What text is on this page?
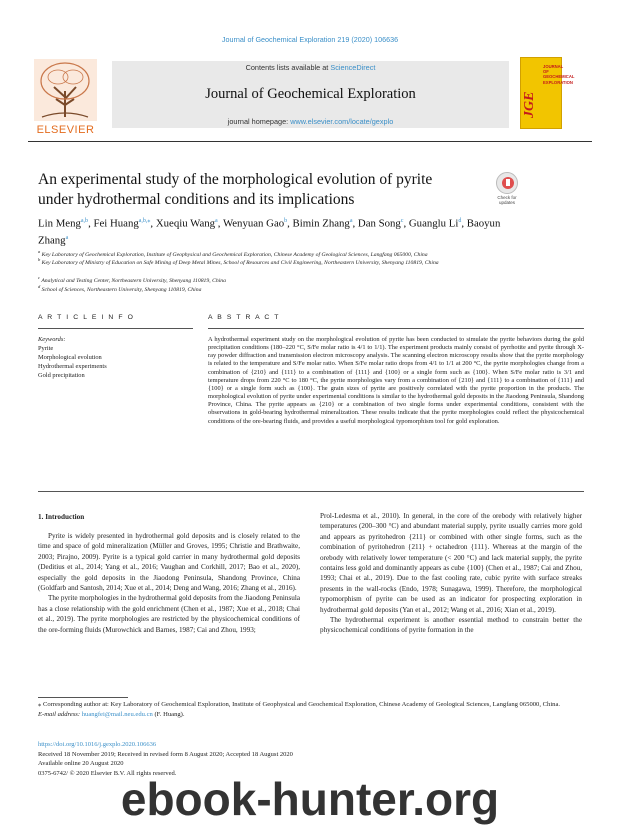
Journal of Geochemical Exploration 219 (2020) 106636
Contents lists available at ScienceDirect
Journal of Geochemical Exploration
journal homepage: www.elsevier.com/locate/gexplo
ELSEVIER
JGE
JOURNAL OF GEOCHEMICAL EXPLORATION
An experimental study of the morphological evolution of pyrite under hydrothermal conditions and its implications	Check for updates
Lin Meng$^{a,b}$, Fei Huang$^{a,b,⁎}$, Xueqiu Wang$^a$, Wenyuan Gao$^b$, Bimin Zhang$^a$, Dan Song$^c$, Guanglu Li$^d$, Baoyun Zhang$^a$
$^a$ Key Laboratory of Geochemical Exploration, Institute of Geophysical and Geochemical Exploration, Chinese Academy of Geological Sciences, Langfang 065000, China
$^b$ Key Laboratory of Ministry of Education on Safe Mining of Deep Metal Mines, School of Resources and Civil Engineering, Northeastern University, Shenyang 110819, China
$^c$ Analytical and Testing Center, Northeastern University, Shenyang 110819, China
$^d$ School of Sciences, Northeastern University, Shenyang 110819, China
A R T I C L E I N F O	A B S T R A C T
Keywords:
Pyrite
Morphological evolution
Hydrothermal experiments
Gold precipitation
A hydrothermal experiment study on the morphological evolution of pyrite has been conducted to simulate the pyrite behaviors during the gold precipitation conditions (180–220 °C, S/Fe molar ratio is 4/1 to 1/1). The experiment products mainly consist of pyrrhotite and pyrite through X-ray powder diffraction and transmission electron microscopy analysis. The scanning electron microscopy results show that the pyrite morphology is related to the temperature and S/Fe molar ratio. When S/Fe molar ratio drops from 4/1 to 1/1 at 200 °C, the pyrite morphologies change from a combination of {210} and {111} to a combination of {111} and {100} or a single form such as {100}. When S/Fe molar ratio is 3/1 and temperature drops from 220 °C to 180 °C, the pyrite morphologies vary from a combination of {210} and {111} to a combination of {111} and {100} or a single form such as {100}. The grain sizes of pyrite are positively correlated with the pyrite proportion in the products. The morphological evolution of pyrite under experimental conditions is similar to the hydrothermal gold deposits in the Jiaodong Peninsula, Shandong Province, China. The pyrite appears as {210} or a combination of two single forms under experimental conditions, consistent with the observations in gold-bearing hydrothermal mineralization. These results indicate that the pyrite morphologies could reflect the physicochemical conditions of the ore-bearing fluids, and provides a useful morphological typomorphism tool for gold exploration.
1. Introduction

Pyrite is widely presented in hydrothermal gold deposits and is closely related to the time and space of gold mineralization (Müller and Groves, 1995; Christie and Brathwaite, 2003; Pirajno, 2009). Pyrite is a typical gold carrier in many hydrothermal gold deposits (Deditius et al., 2014; Yang et al., 2016; Vaughan and Corkhill, 2017; Bao et al., 2020), especially the gold deposits in the Jiaodong Peninsula, Shandong Province, China (Goldfarb and Santosh, 2014; Xue et al., 2014; Deng and Wang, 2016; Zhang et al., 2016).

The pyrite morphologies in the hydrothermal gold deposits from the Jiaodong Peninsula has a close relationship with the gold enrichment (Chen et al., 1987; Xue et al., 2018; Chai et al., 2019). The pyrite morphologies are restricted by the physicochemical conditions of the ore-forming fluids (Murowchick and Barnes, 1987; Cai and Zhou, 1993;

Prol-Ledesma et al., 2010). In general, in the core of the orebody with relatively higher temperatures (200–300 °C) and abundant material supply, pyrite usually carries more gold and appears as pyritohedron {211} or combined with other single forms, such as the combination of pyritohedron {211} + octahedron {111}. Whereas at the margin of the orebody with relatively lower temperature (< 200 °C) and lack material supply, the pyrite contains less gold and dominantly appears as cube {100} (Chen et al., 1987; Cai and Zhou, 1993; Chai et al., 2019). Due to the fast cooling rate, cubic pyrite with surface streaks presents in the wall-rocks (Endo, 1978; Sunagawa, 1999). Therefore, the morphological typomorphism of pyrite can be used as an indicator for prospecting exploration in hydrothermal gold deposits (Yan et al., 2012; Wang et al., 2016; Xian et al., 2019).

The hydrothermal experiment is another essential method to constrain better the physicochemical conditions of pyrite formation in the

⁎ Corresponding author at: Key Laboratory of Geochemical Exploration, Institute of Geophysical and Geochemical Exploration, Chinese Academy of Geological Sciences, Langfang 065000, China.
E-mail address: huangfei@mail.neu.edu.cn (F. Huang).
https://doi.org/10.1016/j.gexplo.2020.106636
Received 18 November 2019; Received in revised form 8 August 2020; Accepted 18 August 2020
Available online 20 August 2020
0375-6742/ © 2020 Elsevier B.V. All rights reserved.
ebook-hunter.org
